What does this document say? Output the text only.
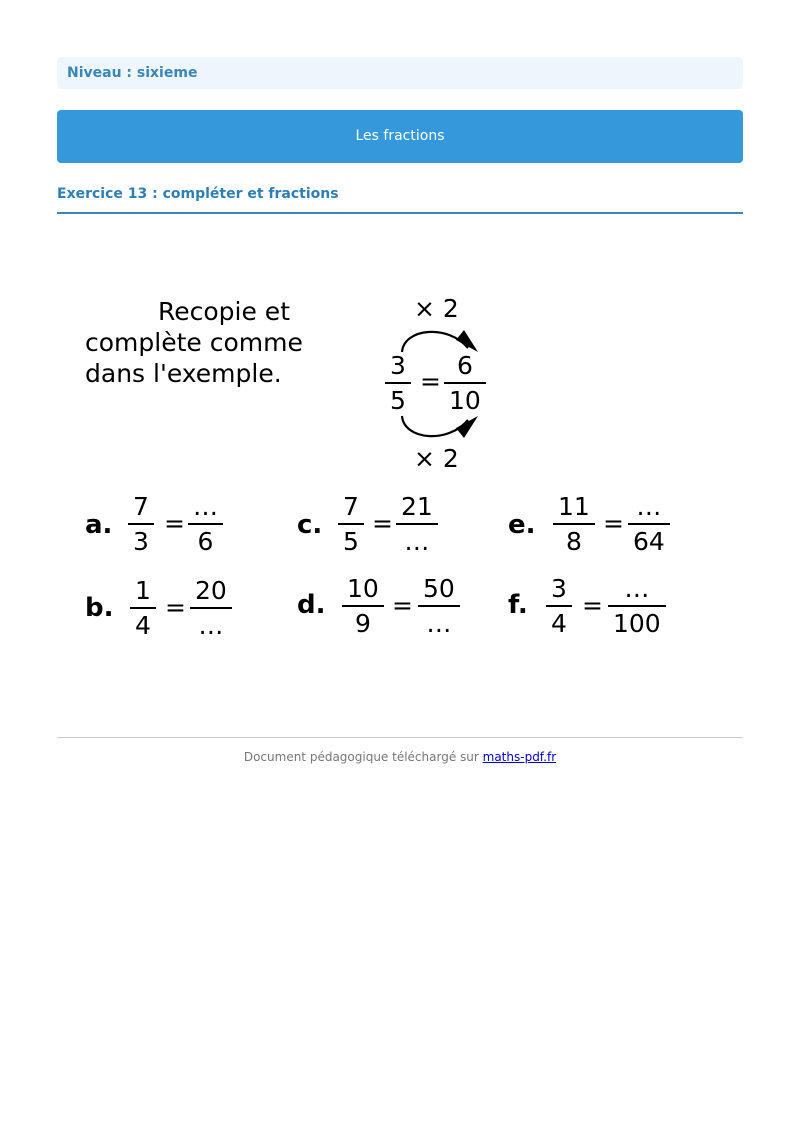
Niveau : sixieme
Les fractions
Exercice 13 : compléter et fractions
Recopie et
complète comme
dans l'exemple.
× 2
3
5
=
6
10
× 2
a.
7
3
=
…
6
b.
1
4
=
20
…
c.
7
5
=
21
…
d.
10
9
=
50
…
e.
11
8
=
…
64
f.
3
4
=
…
100
Document pédagogique téléchargé sur maths-pdf.fr
